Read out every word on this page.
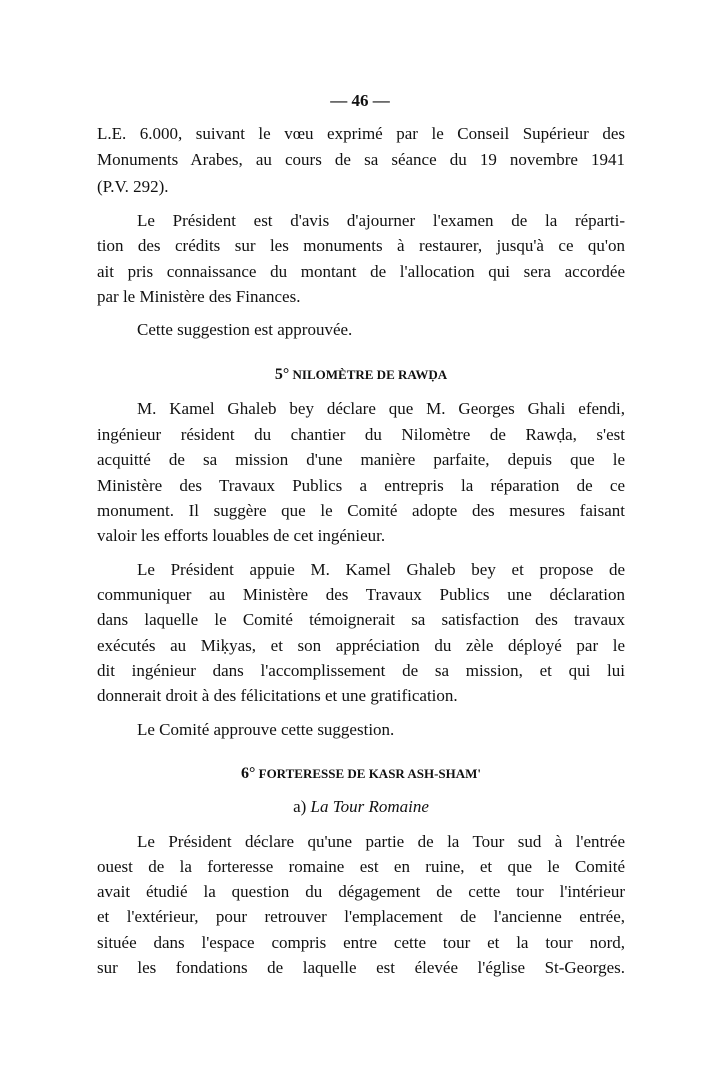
— 46 —
L.E. 6.000, suivant le vœu exprimé par le Conseil Supérieur des
Monuments Arabes, au cours de sa séance du 19 novembre 1941
(P.V. 292).
Le Président est d'avis d'ajourner l'examen de la réparti-
tion des crédits sur les monuments à restaurer, jusqu'à ce qu'on
ait pris connaissance du montant de l'allocation qui sera accordée
par le Ministère des Finances.
Cette suggestion est approuvée.
5° NILOMÈTRE DE RAWḌA
M. Kamel Ghaleb bey déclare que M. Georges Ghali efendi,
ingénieur résident du chantier du Nilomètre de Rawḍa, s'est
acquitté de sa mission d'une manière parfaite, depuis que le
Ministère des Travaux Publics a entrepris la réparation de ce
monument. Il suggère que le Comité adopte des mesures faisant
valoir les efforts louables de cet ingénieur.
Le Président appuie M. Kamel Ghaleb bey et propose de
communiquer au Ministère des Travaux Publics une déclaration
dans laquelle le Comité témoignerait sa satisfaction des travaux
exécutés au Miḳyas, et son appréciation du zèle déployé par le
dit ingénieur dans l'accomplissement de sa mission, et qui lui
donnerait droit à des félicitations et une gratification.
Le Comité approuve cette suggestion.
6° FORTERESSE DE KASR ASH-SHAM'
a) La Tour Romaine
Le Président déclare qu'une partie de la Tour sud à l'entrée
ouest de la forteresse romaine est en ruine, et que le Comité
avait étudié la question du dégagement de cette tour l'intérieur
et l'extérieur, pour retrouver l'emplacement de l'ancienne entrée,
située dans l'espace compris entre cette tour et la tour nord,
sur les fondations de laquelle est élevée l'église St-Georges.
